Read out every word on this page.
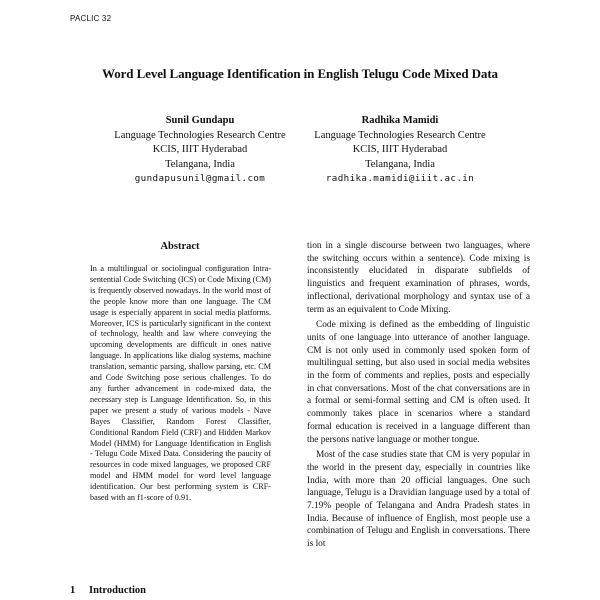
PACLIC 32
Word Level Language Identification in English Telugu Code Mixed Data
Sunil Gundapu
Language Technologies Research Centre
KCIS, IIIT Hyderabad
Telangana, India
gundapusunil@gmail.com
Radhika Mamidi
Language Technologies Research Centre
KCIS, IIIT Hyderabad
Telangana, India
radhika.mamidi@iiit.ac.in
Abstract

In a multilingual or sociolingual configuration Intra-sentential Code Switching (ICS) or Code Mixing (CM) is frequently observed nowadays. In the world most of the people know more than one language. The CM usage is especially apparent in social media platforms. Moreover, ICS is particularly significant in the context of technology, health and law where conveying the upcoming developments are difficult in ones native language. In applications like dialog systems, machine translation, semantic parsing, shallow parsing, etc. CM and Code Switching pose serious challenges. To do any further advancement in code-mixed data, the necessary step is Language Identification. So, in this paper we present a study of various models - Nave Bayes Classifier, Random Forest Classifier, Conditional Random Field (CRF) and Hidden Markov Model (HMM) for Language Identification in English - Telugu Code Mixed Data. Considering the paucity of resources in code mixed languages, we proposed CRF model and HMM model for word level language identification. Our best performing system is CRF-based with an f1-score of 0.91.

1 Introduction

tion in a single discourse between two languages, where the switching occurs within a sentence). Code mixing is inconsistently elucidated in disparate subfields of linguistics and frequent examination of phrases, words, inflectional, derivational morphology and syntax use of a term as an equivalent to Code Mixing.

Code mixing is defined as the embedding of linguistic units of one language into utterance of another language. CM is not only used in commonly used spoken form of multilingual setting, but also used in social media websites in the form of comments and replies, posts and especially in chat conversations. Most of the chat conversations are in a formal or semi-formal setting and CM is often used. It commonly takes place in scenarios where a standard formal education is received in a language different than the persons native language or mother tongue.

Most of the case studies state that CM is very popular in the world in the present day, especially in countries like India, with more than 20 official languages. One such language, Telugu is a Dravidian language used by a total of 7.19% people of Telangana and Andra Pradesh states in India. Because of influence of English, most people use a combination of Telugu and English in conversations. There is lot
